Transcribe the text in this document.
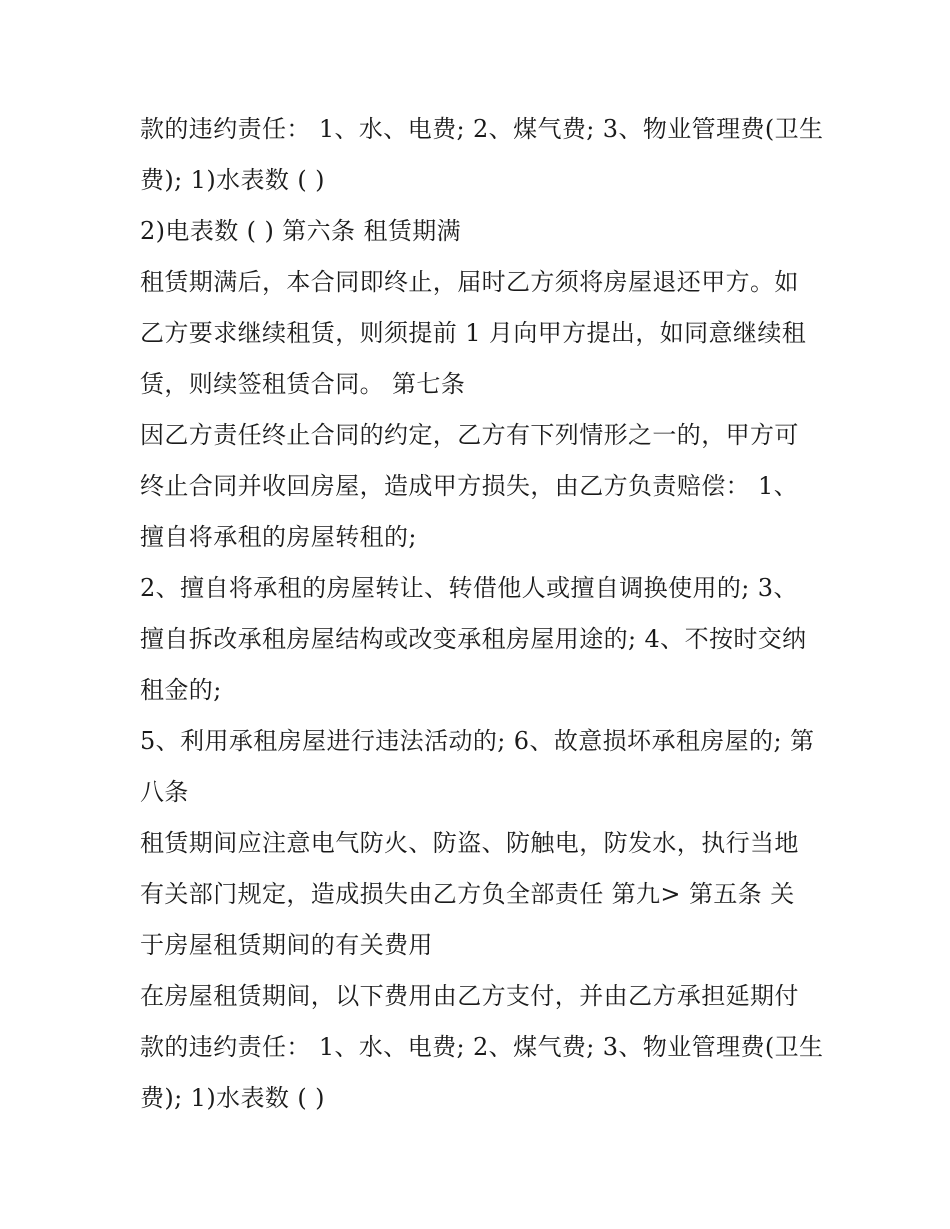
款的违约责任： 1、水、电费; 2、煤气费; 3、物业管理费(卫生
费); 1)水表数 ( )
2)电表数 ( ) 第六条 租赁期满
租赁期满后，本合同即终止，届时乙方须将房屋退还甲方。如
乙方要求继续租赁，则须提前 1 月向甲方提出，如同意继续租
赁，则续签租赁合同。 第七条
因乙方责任终止合同的约定，乙方有下列情形之一的，甲方可
终止合同并收回房屋，造成甲方损失，由乙方负责赔偿： 1、
擅自将承租的房屋转租的;
2、擅自将承租的房屋转让、转借他人或擅自调换使用的; 3、
擅自拆改承租房屋结构或改变承租房屋用途的; 4、不按时交纳
租金的;
5、利用承租房屋进行违法活动的; 6、故意损坏承租房屋的; 第
八条
租赁期间应注意电气防火、防盗、防触电，防发水，执行当地
有关部门规定，造成损失由乙方负全部责任 第九> 第五条 关
于房屋租赁期间的有关费用
在房屋租赁期间，以下费用由乙方支付，并由乙方承担延期付
款的违约责任： 1、水、电费; 2、煤气费; 3、物业管理费(卫生
费); 1)水表数 ( )
